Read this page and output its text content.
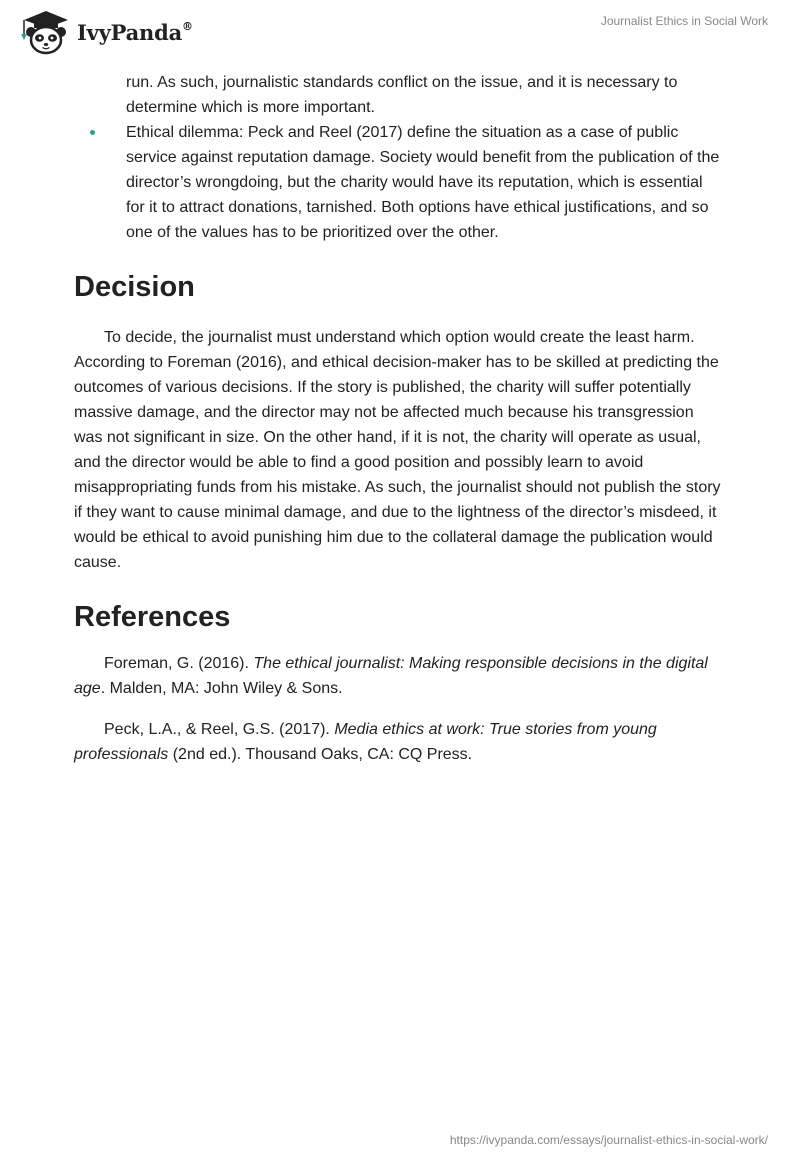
IvyPanda®	Journalist Ethics in Social Work
run. As such, journalistic standards conflict on the issue, and it is necessary to determine which is more important.
Ethical dilemma: Peck and Reel (2017) define the situation as a case of public service against reputation damage. Society would benefit from the publication of the director’s wrongdoing, but the charity would have its reputation, which is essential for it to attract donations, tarnished. Both options have ethical justifications, and so one of the values has to be prioritized over the other.
Decision

To decide, the journalist must understand which option would create the least harm. According to Foreman (2016), and ethical decision-maker has to be skilled at predicting the outcomes of various decisions. If the story is published, the charity will suffer potentially massive damage, and the director may not be affected much because his transgression was not significant in size. On the other hand, if it is not, the charity will operate as usual, and the director would be able to find a good position and possibly learn to avoid misappropriating funds from his mistake. As such, the journalist should not publish the story if they want to cause minimal damage, and due to the lightness of the director’s misdeed, it would be ethical to avoid punishing him due to the collateral damage the publication would cause.

References

Foreman, G. (2016). The ethical journalist: Making responsible decisions in the digital age. Malden, MA: John Wiley & Sons.

Peck, L.A., & Reel, G.S. (2017). Media ethics at work: True stories from young professionals (2nd ed.). Thousand Oaks, CA: CQ Press.

https://ivypanda.com/essays/journalist-ethics-in-social-work/
